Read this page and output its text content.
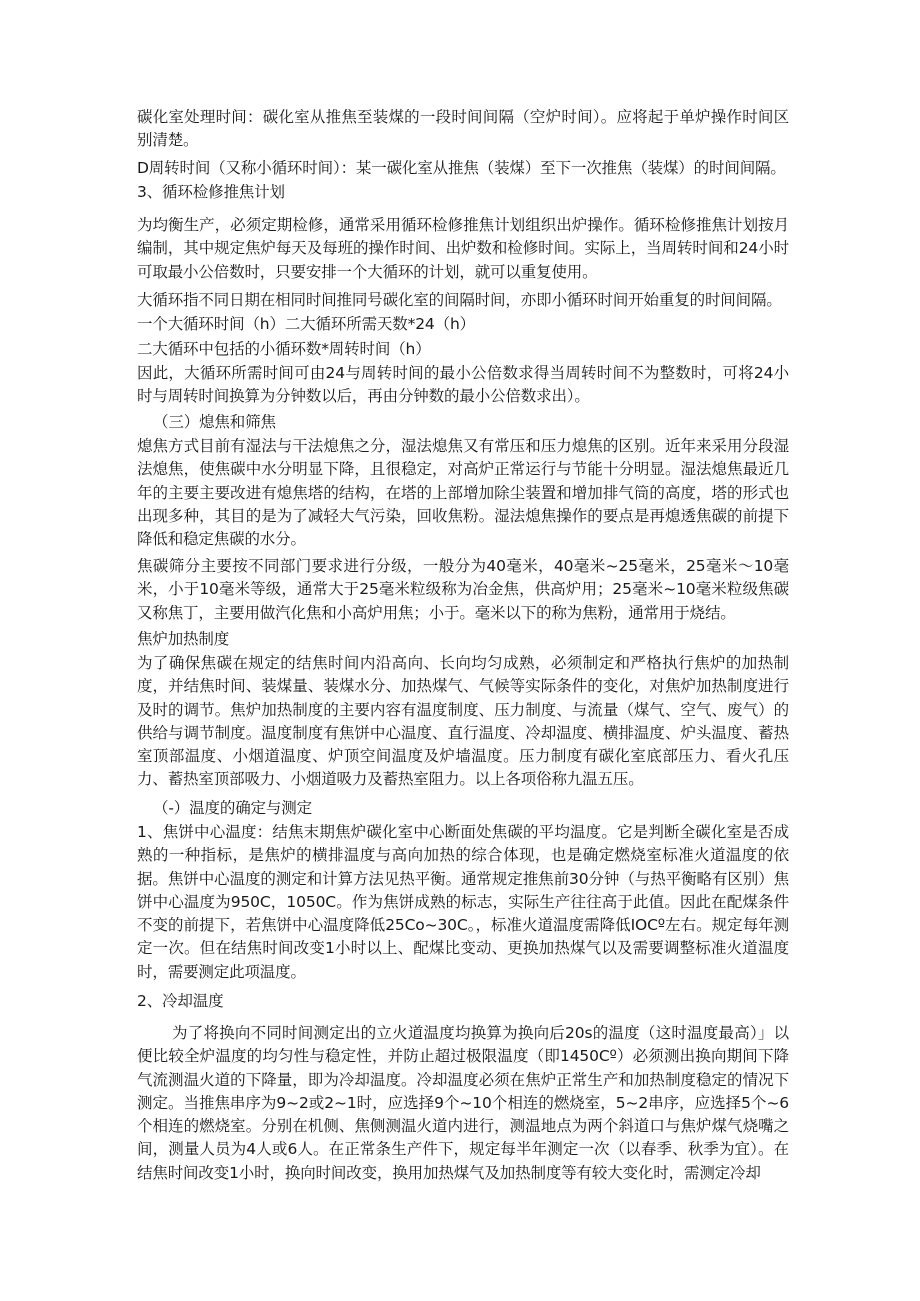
碳化室处理时间：碳化室从推焦至装煤的一段时间间隔（空炉时间）。应将起于单炉操作时间区别清楚。

D周转时间（又称小循环时间）：某一碳化室从推焦（装煤）至下一次推焦（装煤）的时间间隔。

3、循环检修推焦计划

为均衡生产，必须定期检修，通常采用循环检修推焦计划组织出炉操作。循环检修推焦计划按月编制，其中规定焦炉每天及每班的操作时间、出炉数和检修时间。实际上，当周转时间和24小时可取最小公倍数时，只要安排一个大循环的计划，就可以重复使用。

大循环指不同日期在相同时间推同号碳化室的间隔时间，亦即小循环时间开始重复的时间间隔。

一个大循环时间（h）二大循环所需天数*24（h）

二大循环中包括的小循环数*周转时间（h）

因此，大循环所需时间可由24与周转时间的最小公倍数求得当周转时间不为整数时，可将24小时与周转时间换算为分钟数以后，再由分钟数的最小公倍数求出）。

（三）熄焦和筛焦

熄焦方式目前有湿法与干法熄焦之分，湿法熄焦又有常压和压力熄焦的区别。近年来采用分段湿法熄焦，使焦碳中水分明显下降，且很稳定，对高炉正常运行与节能十分明显。湿法熄焦最近几年的主要主要改进有熄焦塔的结构，在塔的上部增加除尘装置和增加排气筒的高度，塔的形式也出现多种，其目的是为了减轻大气污染，回收焦粉。湿法熄焦操作的要点是再熄透焦碳的前提下降低和稳定焦碳的水分。

焦碳筛分主要按不同部门要求进行分级，一般分为40毫米，40毫米~25毫米，25毫米～10毫米，小于10毫米等级，通常大于25毫米粒级称为冶金焦，供高炉用；25毫米~10毫米粒级焦碳又称焦丁，主要用做汽化焦和小高炉用焦；小于。毫米以下的称为焦粉，通常用于烧结。

焦炉加热制度

为了确保焦碳在规定的结焦时间内沿高向、长向均匀成熟，必须制定和严格执行焦炉的加热制度，并结焦时间、装煤量、装煤水分、加热煤气、气候等实际条件的变化，对焦炉加热制度进行及时的调节。焦炉加热制度的主要内容有温度制度、压力制度、与流量（煤气、空气、废气）的供给与调节制度。温度制度有焦饼中心温度、直行温度、冷却温度、横排温度、炉头温度、蓄热室顶部温度、小烟道温度、炉顶空间温度及炉墙温度。压力制度有碳化室底部压力、看火孔压力、蓄热室顶部吸力、小烟道吸力及蓄热室阻力。以上各项俗称九温五压。

（-）温度的确定与测定

1、焦饼中心温度：结焦末期焦炉碳化室中心断面处焦碳的平均温度。它是判断全碳化室是否成熟的一种指标，是焦炉的横排温度与高向加热的综合体现，也是确定燃烧室标准火道温度的依据。焦饼中心温度的测定和计算方法见热平衡。通常规定推焦前30分钟（与热平衡略有区别）焦饼中心温度为950C，1050C。作为焦饼成熟的标志，实际生产往往高于此值。因此在配煤条件不变的前提下，若焦饼中心温度降低25Co~30C。，标准火道温度需降低IOCº左右。规定每年测定一次。但在结焦时间改变1小时以上、配煤比变动、更换加热煤气以及需要调整标准火道温度时，需要测定此项温度。

2、冷却温度

为了将换向不同时间测定出的立火道温度均换算为换向后20s的温度（这时温度最高）」以便比较全炉温度的均匀性与稳定性，并防止超过极限温度（即1450Cº）必须测出换向期间下降气流测温火道的下降量，即为冷却温度。冷却温度必须在焦炉正常生产和加热制度稳定的情况下测定。当推焦串序为9~2或2~1时，应选择9个~10个相连的燃烧室，5~2串序，应选择5个~6个相连的燃烧室。分别在机侧、焦侧测温火道内进行，测温地点为两个斜道口与焦炉煤气烧嘴之间，测量人员为4人或6人。在正常条生产件下，规定每半年测定一次（以春季、秋季为宜）。在结焦时间改变1小时，换向时间改变，换用加热煤气及加热制度等有较大变化时，需测定冷却
